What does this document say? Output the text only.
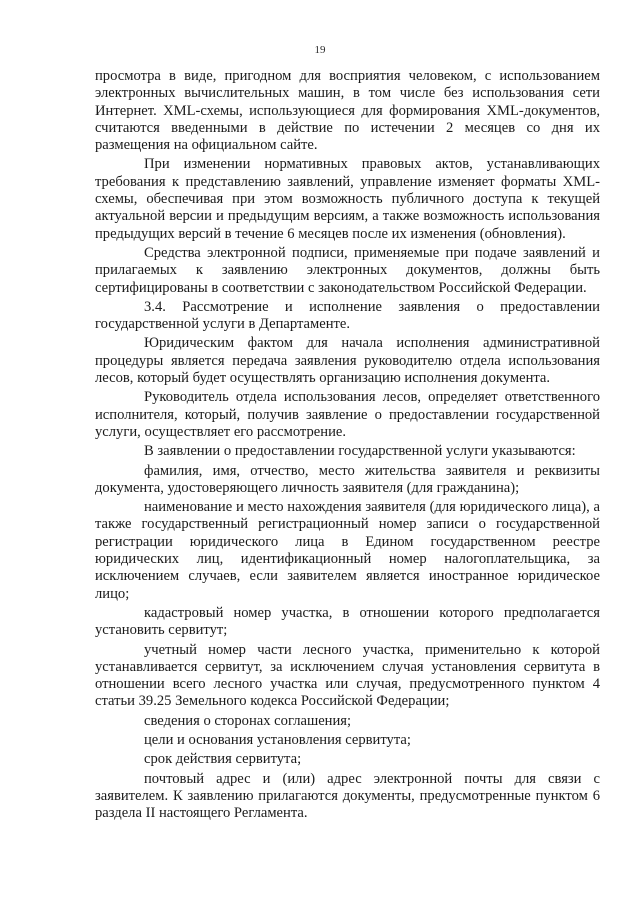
19

просмотра в виде, пригодном для восприятия человеком, с использованием электронных вычислительных машин, в том числе без использования сети Интернет. XML-схемы, использующиеся для формирования XML-документов, считаются введенными в действие по истечении 2 месяцев со дня их размещения на официальном сайте.

При изменении нормативных правовых актов, устанавливающих требования к представлению заявлений, управление изменяет форматы XML-схемы, обеспечивая при этом возможность публичного доступа к текущей актуальной версии и предыдущим версиям, а также возможность использования предыдущих версий в течение 6 месяцев после их изменения (обновления).

Средства электронной подписи, применяемые при подаче заявлений и прилагаемых к заявлению электронных документов, должны быть сертифицированы в соответствии с законодательством Российской Федерации.

3.4. Рассмотрение и исполнение заявления о предоставлении государственной услуги в Департаменте.

Юридическим фактом для начала исполнения административной процедуры является передача заявления руководителю отдела использования лесов, который будет осуществлять организацию исполнения документа.

Руководитель отдела использования лесов, определяет ответственного исполнителя, который, получив заявление о предоставлении государственной услуги, осуществляет его рассмотрение.

В заявлении о предоставлении государственной услуги указываются:

фамилия, имя, отчество, место жительства заявителя и реквизиты документа, удостоверяющего личность заявителя (для гражданина);

наименование и место нахождения заявителя (для юридического лица), а также государственный регистрационный номер записи о государственной регистрации юридического лица в Едином государственном реестре юридических лиц, идентификационный номер налогоплательщика, за исключением случаев, если заявителем является иностранное юридическое лицо;

кадастровый номер участка, в отношении которого предполагается установить сервитут;

учетный номер части лесного участка, применительно к которой устанавливается сервитут, за исключением случая установления сервитута в отношении всего лесного участка или случая, предусмотренного пунктом 4 статьи 39.25 Земельного кодекса Российской Федерации;

сведения о сторонах соглашения;

цели и основания установления сервитута;

срок действия сервитута;

почтовый адрес и (или) адрес электронной почты для связи с заявителем. К заявлению прилагаются документы, предусмотренные пунктом 6 раздела II настоящего Регламента.
